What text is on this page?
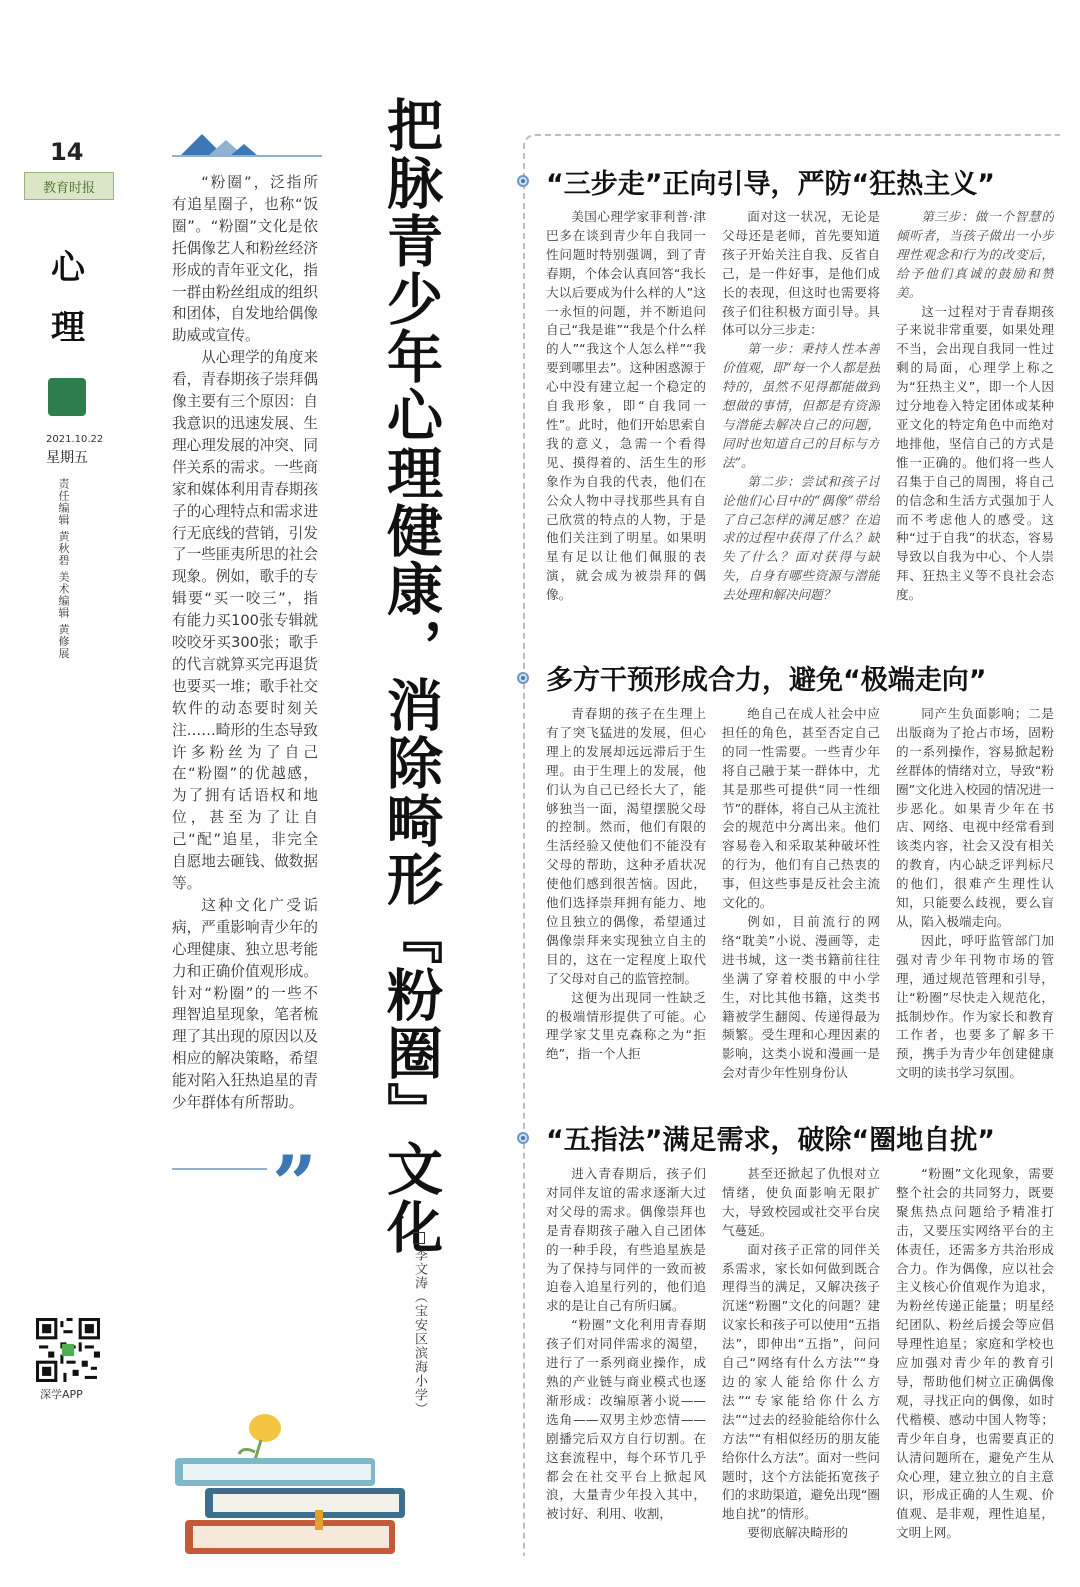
14
教育时报
心
理
2021.10.22
星期五
责任编辑 黄秋碧 美术编辑 黄修展
深学APP

“粉圈”，泛指所有追星圈子，也称“饭圈”。“粉圈”文化是依托偶像艺人和粉丝经济形成的青年亚文化，指一群由粉丝组成的组织和团体，自发地给偶像助威或宣传。

从心理学的角度来看，青春期孩子崇拜偶像主要有三个原因：自我意识的迅速发展、生理心理发展的冲突、同伴关系的需求。一些商家和媒体利用青春期孩子的心理特点和需求进行无底线的营销，引发了一些匪夷所思的社会现象。例如，歌手的专辑要“买一咬三”，指有能力买100张专辑就咬咬牙买300张；歌手的代言就算买完再退货也要买一堆；歌手社交软件的动态要时刻关注……畸形的生态导致许多粉丝为了自己在“粉圈”的优越感，为了拥有话语权和地位，甚至为了让自己“配”追星，非完全自愿地去砸钱、做数据等。

这种文化广受诟病，严重影响青少年的心理健康、独立思考能力和正确价值观形成。针对“粉圈”的一些不理智追星现象，笔者梳理了其出现的原因以及相应的解决策略，希望能对陷入狂热追星的青少年群体有所帮助。

” 把脉青少年心理健康，消除畸形『粉圈』文化
李文涛（宝安区滨海小学）
“三步走”正向引导，严防“狂热主义”

美国心理学家菲利普·津巴多在谈到青少年自我同一性问题时特别强调，到了青春期，个体会认真回答“我长大以后要成为什么样的人”这一永恒的问题，并不断追问自己“我是谁”“我是个什么样的人”“我这个人怎么样”“我要到哪里去”。这种困惑源于心中没有建立起一个稳定的自我形象，即“自我同一性”。此时，他们开始思索自我的意义，急需一个看得见、摸得着的、活生生的形象作为自我的代表，他们在公众人物中寻找那些具有自己欣赏的特点的人物，于是他们关注到了明星。如果明星有足以让他们佩服的表演，就会成为被崇拜的偶像。

面对这一状况，无论是父母还是老师，首先要知道孩子开始关注自我、反省自己，是一件好事，是他们成长的表现，但这时也需要将孩子们往积极方面引导。具体可以分三步走：

第一步：秉持人性本善价值观，即“每一个人都是独特的，虽然不见得都能做到想做的事情，但都是有资源与潜能去解决自己的问题，同时也知道自己的目标与方法”。

第二步：尝试和孩子讨论他们心目中的“偶像”带给了自己怎样的满足感？在追求的过程中获得了什么？缺失了什么？面对获得与缺失，自身有哪些资源与潜能去处理和解决问题？

第三步：做一个智慧的倾听者，当孩子做出一小步理性观念和行为的改变后，给予他们真诚的鼓励和赞美。

这一过程对于青春期孩子来说非常重要，如果处理不当，会出现自我同一性过剩的局面，心理学上称之为“狂热主义”，即一个人因过分地卷入特定团体或某种亚文化的特定角色中而绝对地排他，坚信自己的方式是惟一正确的。他们将一些人召集于自己的周围，将自己的信念和生活方式强加于人而不考虑他人的感受。这种“过于自我”的状态，容易导致以自我为中心、个人崇拜、狂热主义等不良社会态度。

多方干预形成合力，避免“极端走向”

青春期的孩子在生理上有了突飞猛进的发展，但心理上的发展却远远滞后于生理。由于生理上的发展，他们认为自己已经长大了，能够独当一面，渴望摆脱父母的控制。然而，他们有限的生活经验又使他们不能没有父母的帮助，这种矛盾状况使他们感到很苦恼。因此，他们选择崇拜拥有能力、地位且独立的偶像，希望通过偶像崇拜来实现独立自主的目的，这在一定程度上取代了父母对自己的监管控制。

这便为出现同一性缺乏的极端情形提供了可能。心理学家艾里克森称之为“拒绝”，指一个人拒

绝自己在成人社会中应担任的角色，甚至否定自己的同一性需要。一些青少年将自己融于某一群体中，尤其是那些可提供“同一性细节”的群体，将自己从主流社会的规范中分离出来。他们容易卷入和采取某种破坏性的行为，他们有自己热衷的事，但这些事是反社会主流文化的。

例如，目前流行的网络“耽美”小说、漫画等，走进书城，这一类书籍前往往坐满了穿着校服的中小学生，对比其他书籍，这类书籍被学生翻阅、传递得最为频繁。受生理和心理因素的影响，这类小说和漫画一是会对青少年性别身份认

同产生负面影响；二是出版商为了抢占市场，固粉的一系列操作，容易掀起粉丝群体的情绪对立，导致“粉圈”文化进入校园的情况进一步恶化。如果青少年在书店、网络、电视中经常看到该类内容，社会又没有相关的教育，内心缺乏评判标尺的他们，很难产生理性认知，只能要么歧视，要么盲从，陷入极端走向。

因此，呼吁监管部门加强对青少年刊物市场的管理，通过规范管理和引导，让“粉圈”尽快走入规范化，抵制炒作。作为家长和教育工作者，也要多了解多干预，携手为青少年创建健康文明的读书学习氛围。

“五指法”满足需求，破除“圈地自扰”

进入青春期后，孩子们对同伴友谊的需求逐渐大过对父母的需求。偶像崇拜也是青春期孩子融入自己团体的一种手段，有些追星族是为了保持与同伴的一致而被迫卷入追星行列的，他们追求的是让自己有所归属。

“粉圈”文化利用青春期孩子们对同伴需求的渴望，进行了一系列商业操作，成熟的产业链与商业模式也逐渐形成：改编原著小说——选角——双男主炒恋情——剧播完后双方自行切割。在这套流程中，每个环节几乎都会在社交平台上掀起风浪，大量青少年投入其中，被讨好、利用、收割，

甚至还掀起了仇恨对立情绪，使负面影响无限扩大，导致校园或社交平台戾气蔓延。

面对孩子正常的同伴关系需求，家长如何做到既合理得当的满足，又解决孩子沉迷“粉圈”文化的问题？建议家长和孩子可以使用“五指法”，即伸出“五指”，问问自己“网络有什么方法”“身边的家人能给你什么方法”“专家能给你什么方法”“过去的经验能给你什么方法”“有相似经历的朋友能给你什么方法”。面对一些问题时，这个方法能拓宽孩子们的求助渠道，避免出现“圈地自扰”的情形。

要彻底解决畸形的

“粉圈”文化现象，需要整个社会的共同努力，既要聚焦热点问题给予精准打击，又要压实网络平台的主体责任，还需多方共治形成合力。作为偶像，应以社会主义核心价值观作为追求，为粉丝传递正能量；明星经纪团队、粉丝后援会等应倡导理性追星；家庭和学校也应加强对青少年的教育引导，帮助他们树立正确偶像观，寻找正向的偶像，如时代楷模、感动中国人物等；青少年自身，也需要真正的认清问题所在，避免产生从众心理，建立独立的自主意识，形成正确的人生观、价值观、是非观，理性追星，文明上网。
